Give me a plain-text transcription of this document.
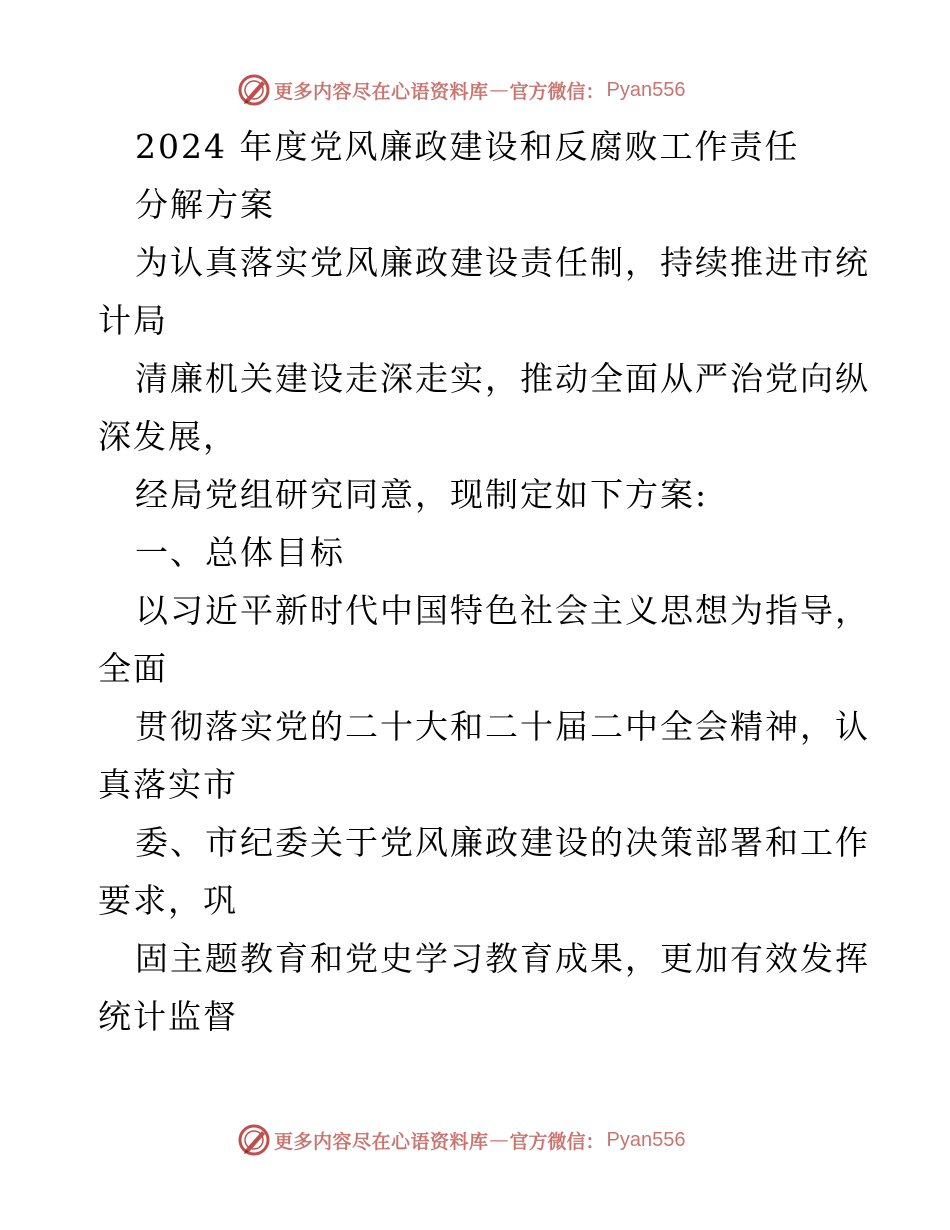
更多内容尽在心语资料库 — 官方微信： Pyan556
2024 年度党风廉政建设和反腐败工作责任
分解方案
为认真落实党风廉政建设责任制，持续推进市统
计局
清廉机关建设走深走实，推动全面从严治党向纵
深发展，
经局党组研究同意，现制定如下方案:
一、总体目标
以习近平新时代中国特色社会主义思想为指导，
全面
贯彻落实党的二十大和二十届二中全会精神，认
真落实市
委、市纪委关于党风廉政建设的决策部署和工作
要求，巩
固主题教育和党史学习教育成果，更加有效发挥
统计监督
更多内容尽在心语资料库 — 官方微信： Pyan556
